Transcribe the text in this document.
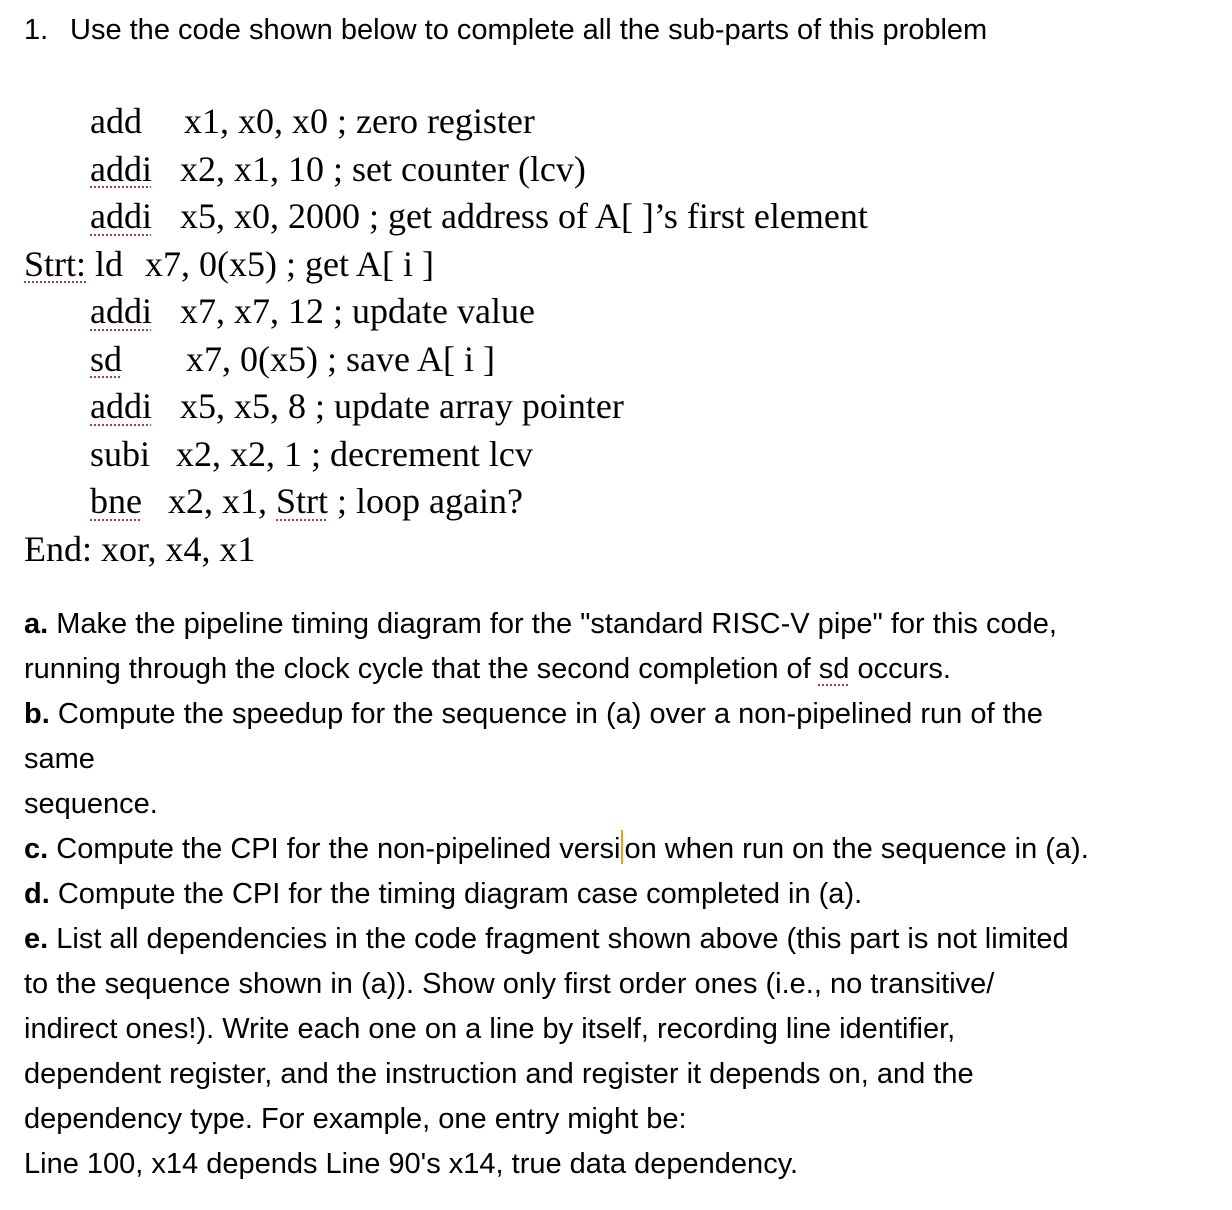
1. Use the code shown below to complete all the sub-parts of this problem
add x1, x0, x0 ; zero register
addi x2, x1, 10 ; set counter (lcv)
addi x5, x0, 2000 ; get address of A[ ]’s first element
Strt: ld x7, 0(x5) ; get A[ i ]
addi x7, x7, 12 ; update value
sd x7, 0(x5) ; save A[ i ]
addi x5, x5, 8 ; update array pointer
subi x2, x2, 1 ; decrement lcv
bne x2, x1, Strt ; loop again?
End: xor, x4, x1
a. Make the pipeline timing diagram for the "standard RISC-V pipe" for this code,
running through the clock cycle that the second completion of sd occurs.
b. Compute the speedup for the sequence in (a) over a non-pipelined run of the
same
sequence.
c. Compute the CPI for the non-pipelined versi on when run on the sequence in (a).
d. Compute the CPI for the timing diagram case completed in (a).
e. List all dependencies in the code fragment shown above (this part is not limited
to the sequence shown in (a)). Show only first order ones (i.e., no transitive/
indirect ones!). Write each one on a line by itself, recording line identifier,
dependent register, and the instruction and register it depends on, and the
dependency type. For example, one entry might be:
Line 100, x14 depends Line 90's x14, true data dependency.
